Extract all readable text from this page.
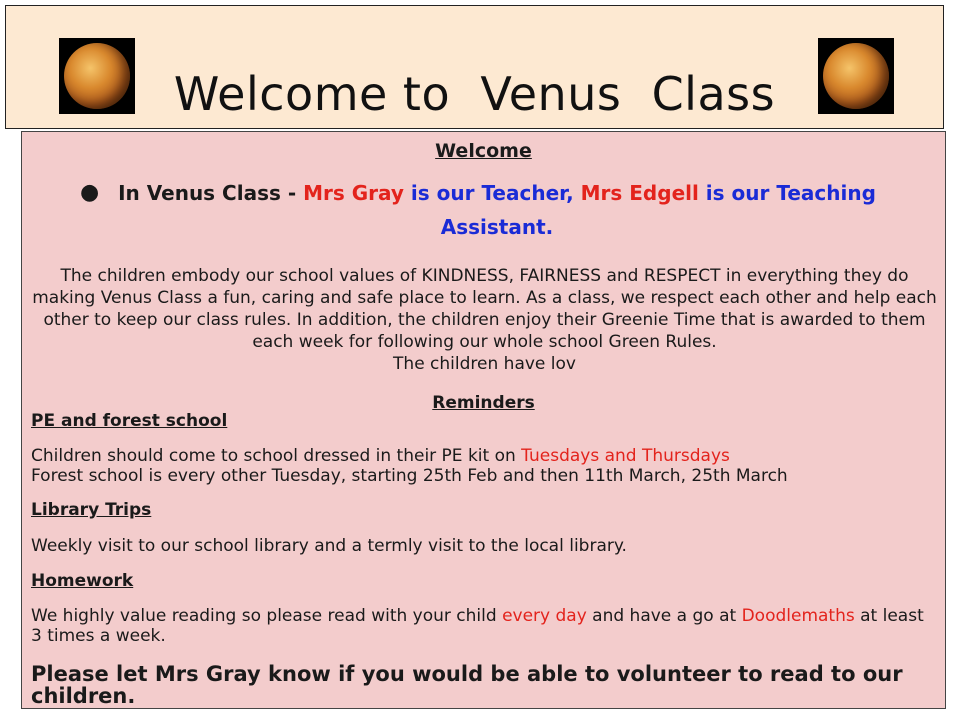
Welcome to  Venus  Class
Welcome
● In Venus Class - Mrs Gray is our Teacher, Mrs Edgell is our Teaching Assistant.
The children embody our school values of KINDNESS, FAIRNESS and RESPECT in everything they do making Venus Class a fun, caring and safe place to learn. As a class, we respect each other and help each other to keep our class rules. In addition, the children enjoy their Greenie Time that is awarded to them each week for following our whole school Green Rules.
The children have lov
Reminders
PE and forest school
Children should come to school dressed in their PE kit on Tuesdays and Thursdays
Forest school is every other Tuesday, starting 25th Feb and then 11th March, 25th March
Library Trips
Weekly visit to our school library and a termly visit to the local library.
Homework
We highly value reading so please read with your child every day and have a go at Doodlemaths at least 3 times a week.
Please let Mrs Gray know if you would be able to volunteer to read to our children.
